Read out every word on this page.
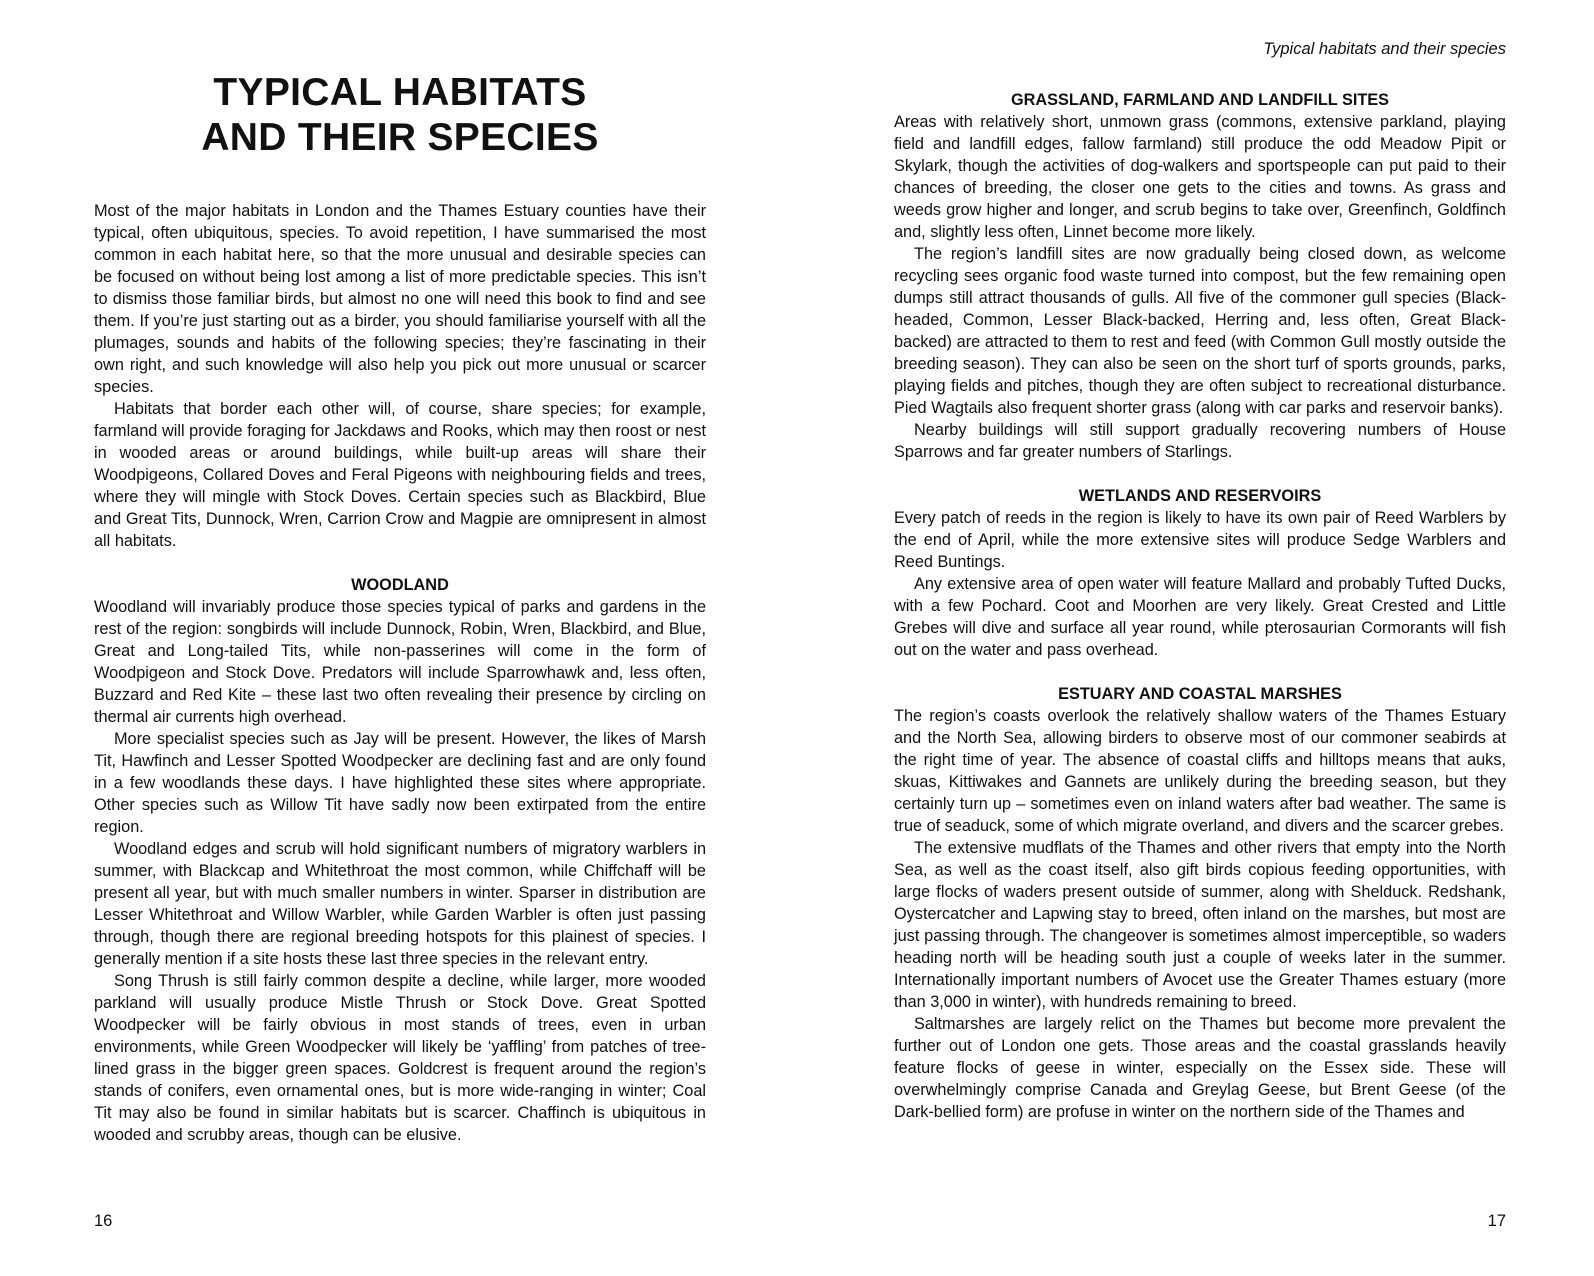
TYPICAL HABITATS
AND THEIR SPECIES

Most of the major habitats in London and the Thames Estuary counties have their typical, often ubiquitous, species. To avoid repetition, I have summarised the most common in each habitat here, so that the more unusual and desirable species can be focused on without being lost among a list of more predictable species. This isn’t to dismiss those familiar birds, but almost no one will need this book to find and see them. If you’re just starting out as a birder, you should familiarise yourself with all the plumages, sounds and habits of the following species; they’re fascinating in their own right, and such knowledge will also help you pick out more unusual or scarcer species.

Habitats that border each other will, of course, share species; for example, farmland will provide foraging for Jackdaws and Rooks, which may then roost or nest in wooded areas or around buildings, while built-up areas will share their Woodpigeons, Collared Doves and Feral Pigeons with neighbouring fields and trees, where they will mingle with Stock Doves. Certain species such as Blackbird, Blue and Great Tits, Dunnock, Wren, Carrion Crow and Magpie are omnipresent in almost all habitats.

WOODLAND

Woodland will invariably produce those species typical of parks and gardens in the rest of the region: songbirds will include Dunnock, Robin, Wren, Blackbird, and Blue, Great and Long-tailed Tits, while non-passerines will come in the form of Woodpigeon and Stock Dove. Predators will include Sparrowhawk and, less often, Buzzard and Red Kite – these last two often revealing their presence by circling on thermal air currents high overhead.

More specialist species such as Jay will be present. However, the likes of Marsh Tit, Hawfinch and Lesser Spotted Woodpecker are declining fast and are only found in a few woodlands these days. I have highlighted these sites where appropriate. Other species such as Willow Tit have sadly now been extirpated from the entire region.

Woodland edges and scrub will hold significant numbers of migratory warblers in summer, with Blackcap and Whitethroat the most common, while Chiffchaff will be present all year, but with much smaller numbers in winter. Sparser in distribution are Lesser Whitethroat and Willow Warbler, while Garden Warbler is often just passing through, though there are regional breeding hotspots for this plainest of species. I generally mention if a site hosts these last three species in the relevant entry.

Song Thrush is still fairly common despite a decline, while larger, more wooded parkland will usually produce Mistle Thrush or Stock Dove. Great Spotted Woodpecker will be fairly obvious in most stands of trees, even in urban environments, while Green Woodpecker will likely be ‘yaffling’ from patches of tree-lined grass in the bigger green spaces. Goldcrest is frequent around the region’s stands of conifers, even ornamental ones, but is more wide-ranging in winter; Coal Tit may also be found in similar habitats but is scarcer. Chaffinch is ubiquitous in wooded and scrubby areas, though can be elusive.

16
Typical habitats and their species
GRASSLAND, FARMLAND AND LANDFILL SITES

Areas with relatively short, unmown grass (commons, extensive parkland, playing field and landfill edges, fallow farmland) still produce the odd Meadow Pipit or Skylark, though the activities of dog-walkers and sportspeople can put paid to their chances of breeding, the closer one gets to the cities and towns. As grass and weeds grow higher and longer, and scrub begins to take over, Greenfinch, Goldfinch and, slightly less often, Linnet become more likely.

The region’s landfill sites are now gradually being closed down, as welcome recycling sees organic food waste turned into compost, but the few remaining open dumps still attract thousands of gulls. All five of the commoner gull species (Black-headed, Common, Lesser Black-backed, Herring and, less often, Great Black-backed) are attracted to them to rest and feed (with Common Gull mostly outside the breeding season). They can also be seen on the short turf of sports grounds, parks, playing fields and pitches, though they are often subject to recreational disturbance. Pied Wagtails also frequent shorter grass (along with car parks and reservoir banks).

Nearby buildings will still support gradually recovering numbers of House Sparrows and far greater numbers of Starlings.

WETLANDS AND RESERVOIRS

Every patch of reeds in the region is likely to have its own pair of Reed Warblers by the end of April, while the more extensive sites will produce Sedge Warblers and Reed Buntings.

Any extensive area of open water will feature Mallard and probably Tufted Ducks, with a few Pochard. Coot and Moorhen are very likely. Great Crested and Little Grebes will dive and surface all year round, while pterosaurian Cormorants will fish out on the water and pass overhead.

ESTUARY AND COASTAL MARSHES

The region’s coasts overlook the relatively shallow waters of the Thames Estuary and the North Sea, allowing birders to observe most of our commoner seabirds at the right time of year. The absence of coastal cliffs and hilltops means that auks, skuas, Kittiwakes and Gannets are unlikely during the breeding season, but they certainly turn up – sometimes even on inland waters after bad weather. The same is true of seaduck, some of which migrate overland, and divers and the scarcer grebes.

The extensive mudflats of the Thames and other rivers that empty into the North Sea, as well as the coast itself, also gift birds copious feeding opportunities, with large flocks of waders present outside of summer, along with Shelduck. Redshank, Oystercatcher and Lapwing stay to breed, often inland on the marshes, but most are just passing through. The changeover is sometimes almost imperceptible, so waders heading north will be heading south just a couple of weeks later in the summer. Internationally important numbers of Avocet use the Greater Thames estuary (more than 3,000 in winter), with hundreds remaining to breed.

Saltmarshes are largely relict on the Thames but become more prevalent the further out of London one gets. Those areas and the coastal grasslands heavily feature flocks of geese in winter, especially on the Essex side. These will overwhelmingly comprise Canada and Greylag Geese, but Brent Geese (of the Dark-bellied form) are profuse in winter on the northern side of the Thames and

17
